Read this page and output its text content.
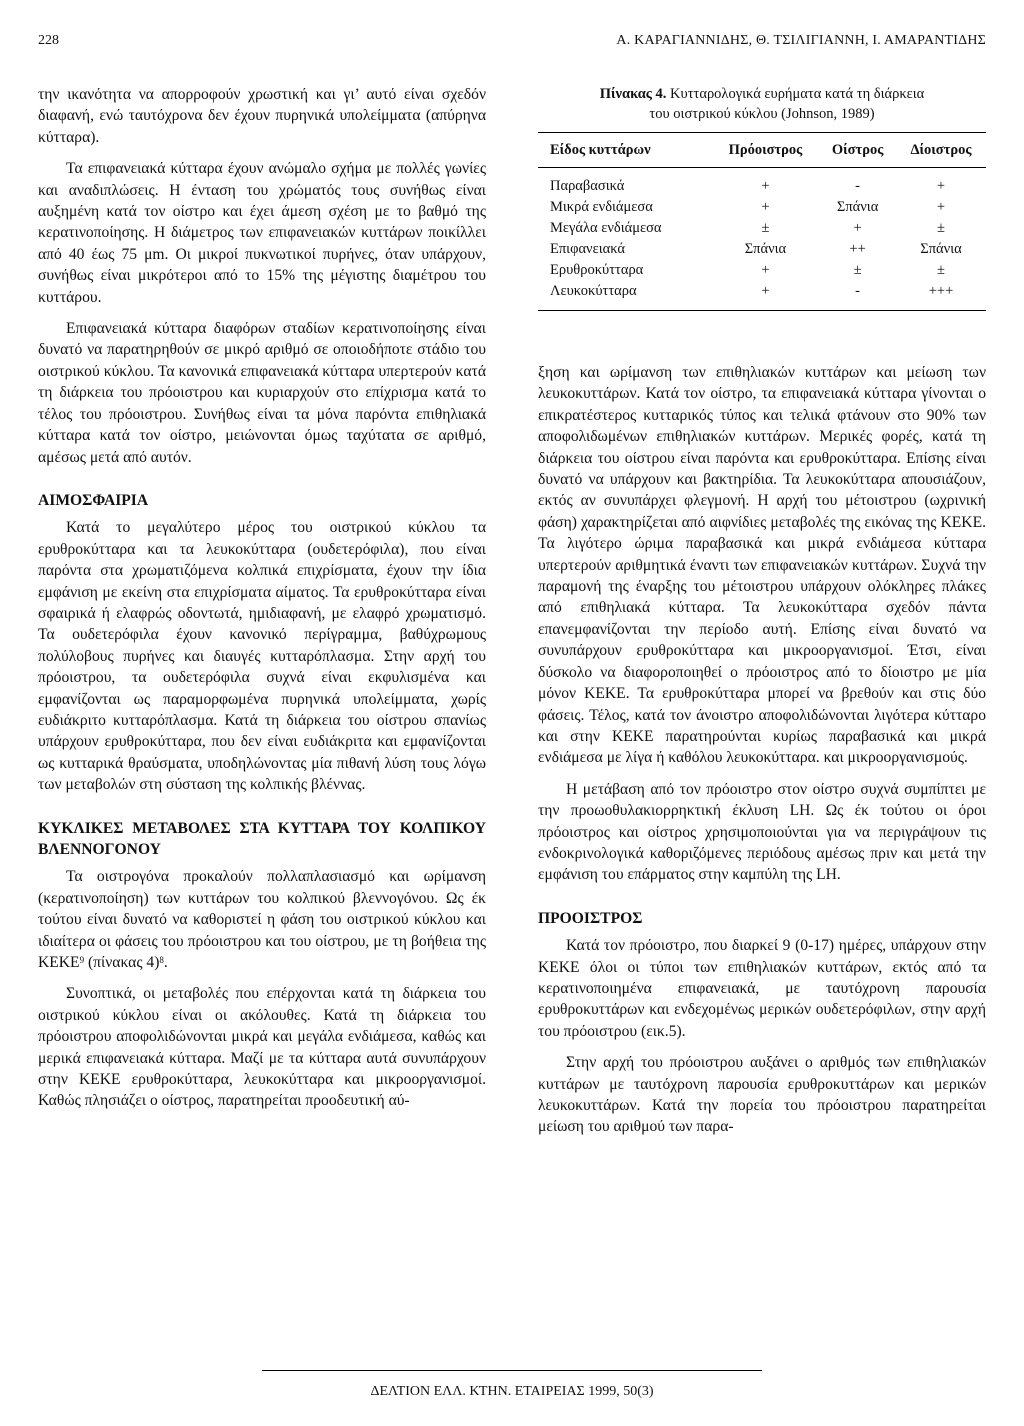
228	Α. ΚΑΡΑΓΙΑΝΝΙΔΗΣ, Θ. ΤΣΙΛΙΓΙΑΝΝΗ, Ι. ΑΜΑΡΑΝΤΙΔΗΣ

την ικανότητα να απορροφούν χρωστική και γι’ αυτό είναι σχεδόν διαφανή, ενώ ταυτόχρονα δεν έχουν πυρηνικά υπολείμματα (απύρηνα κύτταρα).

Τα επιφανειακά κύτταρα έχουν ανώμαλο σχήμα με πολλές γωνίες και αναδιπλώσεις. Η ένταση του χρώματός τους συνήθως είναι αυξημένη κατά τον οίστρο και έχει άμεση σχέση με το βαθμό της κερατινοποίησης. Η διάμετρος των επιφανειακών κυττάρων ποικίλλει από 40 έως 75 μm. Οι μικροί πυκνωτικοί πυρήνες, όταν υπάρχουν, συνήθως είναι μικρότεροι από το 15% της μέγιστης διαμέτρου του κυττάρου.

Επιφανειακά κύτταρα διαφόρων σταδίων κερατινοποίησης είναι δυνατό να παρατηρηθούν σε μικρό αριθμό σε οποιοδήποτε στάδιο του οιστρικού κύκλου. Τα κανονικά επιφανειακά κύτταρα υπερτερούν κατά τη διάρκεια του πρόοιστρου και κυριαρχούν στο επίχρισμα κατά το τέλος του πρόοιστρου. Συνήθως είναι τα μόνα παρόντα επιθηλιακά κύτταρα κατά τον οίστρο, μειώνονται όμως ταχύτατα σε αριθμό, αμέσως μετά από αυτόν.

ΑΙΜΟΣΦΑΙΡΙΑ

Κατά το μεγαλύτερο μέρος του οιστρικού κύκλου τα ερυθροκύτταρα και τα λευκοκύτταρα (ουδετερόφιλα), που είναι παρόντα στα χρωματιζόμενα κολπικά επιχρίσματα, έχουν την ίδια εμφάνιση με εκείνη στα επιχρίσματα αίματος. Τα ερυθροκύτταρα είναι σφαιρικά ή ελαφρώς οδοντωτά, ημιδιαφανή, με ελαφρό χρωματισμό. Τα ουδετερόφιλα έχουν κανονικό περίγραμμα, βαθύχρωμους πολύλοβους πυρήνες και διαυγές κυτταρόπλασμα. Στην αρχή του πρόοιστρου, τα ουδετερόφιλα συχνά είναι εκφυλισμένα και εμφανίζονται ως παραμορφωμένα πυρηνικά υπολείμματα, χωρίς ευδιάκριτο κυτταρόπλασμα. Κατά τη διάρκεια του οίστρου σπανίως υπάρχουν ερυθροκύτταρα, που δεν είναι ευδιάκριτα και εμφανίζονται ως κυτταρικά θραύσματα, υποδηλώνοντας μία πιθανή λύση τους λόγω των μεταβολών στη σύσταση της κολπικής βλέννας.

ΚΥΚΛΙΚΕΣ ΜΕΤΑΒΟΛΕΣ ΣΤΑ ΚΥΤΤΑΡΑ ΤΟΥ ΚΟΛΠΙΚΟΥ ΒΛΕΝΝΟΓΟΝΟΥ

Τα οιστρογόνα προκαλούν πολλαπλασιασμό και ωρίμανση (κερατινοποίηση) των κυττάρων του κολπικού βλεννογόνου. Ως έκ τούτου είναι δυνατό να καθοριστεί η φάση του οιστρικού κύκλου και ιδιαίτερα οι φάσεις του πρόοιστρου και του οίστρου, με τη βοήθεια της ΚΕΚΕ$^9$ (πίνακας 4)$^8$.

Συνοπτικά, οι μεταβολές που επέρχονται κατά τη διάρκεια του οιστρικού κύκλου είναι οι ακόλουθες. Κατά τη διάρκεια του πρόοιστρου αποφολιδώνονται μικρά και μεγάλα ενδιάμεσα, καθώς και μερικά επιφανειακά κύτταρα. Μαζί με τα κύτταρα αυτά συνυπάρχουν στην ΚΕΚΕ ερυθροκύτταρα, λευκοκύτταρα και μικροοργανισμοί. Καθώς πλησιάζει ο οίστρος, παρατηρείται προοδευτική αύ-

Πίνακας 4. Κυτταρολογικά ευρήματα κατά τη διάρκεια
του οιστρικού κύκλου (Johnson, 1989)
Είδος κυττάρων	Πρόοιστρος	Οίστρος	Δίοιστρος
Παραβασικά	+	-	+
Μικρά ενδιάμεσα	+	Σπάνια	+
Μεγάλα ενδιάμεσα	±	+	±
Επιφανειακά	Σπάνια	++	Σπάνια
Ερυθροκύτταρα	+	±	±
Λευκοκύτταρα	+	-	+++

ξηση και ωρίμανση των επιθηλιακών κυττάρων και μείωση των λευκοκυττάρων. Κατά τον οίστρο, τα επιφανειακά κύτταρα γίνονται ο επικρατέστερος κυτταρικός τύπος και τελικά φτάνουν στο 90% των αποφολιδωμένων επιθηλιακών κυττάρων. Μερικές φορές, κατά τη διάρκεια του οίστρου είναι παρόντα και ερυθροκύτταρα. Επίσης είναι δυνατό να υπάρχουν και βακτηρίδια. Τα λευκοκύτταρα απουσιάζουν, εκτός αν συνυπάρχει φλεγμονή. Η αρχή του μέτοιστρου (ωχρινική φάση) χαρακτηρίζεται από αιφνίδιες μεταβολές της εικόνας της ΚΕΚΕ. Τα λιγότερο ώριμα παραβασικά και μικρά ενδιάμεσα κύτταρα υπερτερούν αριθμητικά έναντι των επιφανειακών κυττάρων. Συχνά την παραμονή της έναρξης του μέτοιστρου υπάρχουν ολόκληρες πλάκες από επιθηλιακά κύτταρα. Τα λευκοκύτταρα σχεδόν πάντα επανεμφανίζονται την περίοδο αυτή. Επίσης είναι δυνατό να συνυπάρχουν ερυθροκύτταρα και μικροοργανισμοί. Έτσι, είναι δύσκολο να διαφοροποιηθεί ο πρόοιστρος από το δίοιστρο με μία μόνον ΚΕΚΕ. Τα ερυθροκύτταρα μπορεί να βρεθούν και στις δύο φάσεις. Τέλος, κατά τον άνοιστρο αποφολιδώνονται λιγότερα κύτταρο και στην ΚΕΚΕ παρατηρούνται κυρίως παραβασικά και μικρά ενδιάμεσα με λίγα ή καθόλου λευκοκύτταρα. και μικροοργανισμούς.

Η μετάβαση από τον πρόοιστρο στον οίστρο συχνά συμπίπτει με την προωοθυλακιορρηκτική έκλυση LH. Ως έκ τούτου οι όροι πρόοιστρος και οίστρος χρησιμοποιούνται για να περιγράψουν τις ενδοκρινολογικά καθοριζόμενες περιόδους αμέσως πριν και μετά την εμφάνιση του επάρματος στην καμπύλη της LH.

ΠΡΟΟΙΣΤΡΟΣ

Κατά τον πρόοιστρο, που διαρκεί 9 (0-17) ημέρες, υπάρχουν στην ΚΕΚΕ όλοι οι τύποι των επιθηλιακών κυττάρων, εκτός από τα κερατινοποιημένα επιφανειακά, με ταυτόχρονη παρουσία ερυθροκυττάρων και ενδεχομένως μερικών ουδετερόφιλων, στην αρχή του πρόοιστρου (εικ.5).

Στην αρχή του πρόοιστρου αυξάνει ο αριθμός των επιθηλιακών κυττάρων με ταυτόχρονη παρουσία ερυθροκυττάρων και μερικών λευκοκυττάρων. Κατά την πορεία του πρόοιστρου παρατηρείται μείωση του αριθμού των παρα-

ΔΕΛΤΙΟΝ ΕΛΛ. ΚΤΗΝ. ΕΤΑΙΡΕΙΑΣ 1999, 50(3)
